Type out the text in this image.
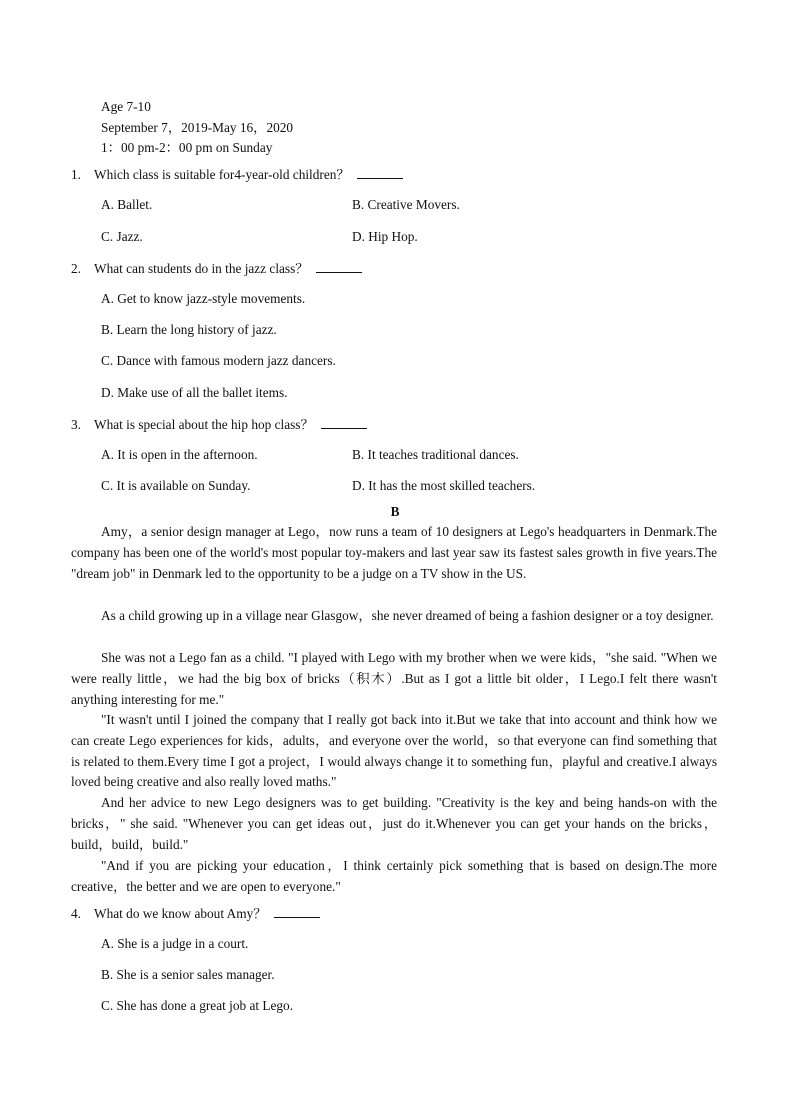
Age 7-10
September 7，2019-May 16，2020
1：00 pm-2：00 pm on Sunday
1. Which class is suitable for4-year-old children？
A. Ballet.	B. Creative Movers.
C. Jazz.	D. Hip Hop.
2. What can students do in the jazz class？
A. Get to know jazz-style movements.
B. Learn the long history of jazz.
C. Dance with famous modern jazz dancers.
D. Make use of all the ballet items.
3. What is special about the hip hop class？
A. It is open in the afternoon.	B. It teaches traditional dances.
C. It is available on Sunday.	D. It has the most skilled teachers.
B

Amy，a senior design manager at Lego，now runs a team of 10 designers at Lego's headquarters in Denmark.The company has been one of the world's most popular toy-makers and last year saw its fastest sales growth in five years.The "dream job" in Denmark led to the opportunity to be a judge on a TV show in the US.

As a child growing up in a village near Glasgow，she never dreamed of being a fashion designer or a toy designer.

She was not a Lego fan as a child. "I played with Lego with my brother when we were kids，"she said. "When we were really little，we had the big box of bricks（积木）.But as I got a little bit older，I Lego.I felt there wasn't anything interesting for me."

"It wasn't until I joined the company that I really got back into it.But we take that into account and think how we can create Lego experiences for kids，adults，and everyone over the world，so that everyone can find something that is related to them.Every time I got a project，I would always change it to something fun，playful and creative.I always loved being creative and also really loved maths."

And her advice to new Lego designers was to get building. "Creativity is the key and being hands-on with the bricks，" she said. "Whenever you can get ideas out，just do it.Whenever you can get your hands on the bricks，build，build，build."

"And if you are picking your education，I think certainly pick something that is based on design.The more creative，the better and we are open to everyone."

4. What do we know about Amy？
A. She is a judge in a court.
B. She is a senior sales manager.
C. She has done a great job at Lego.
